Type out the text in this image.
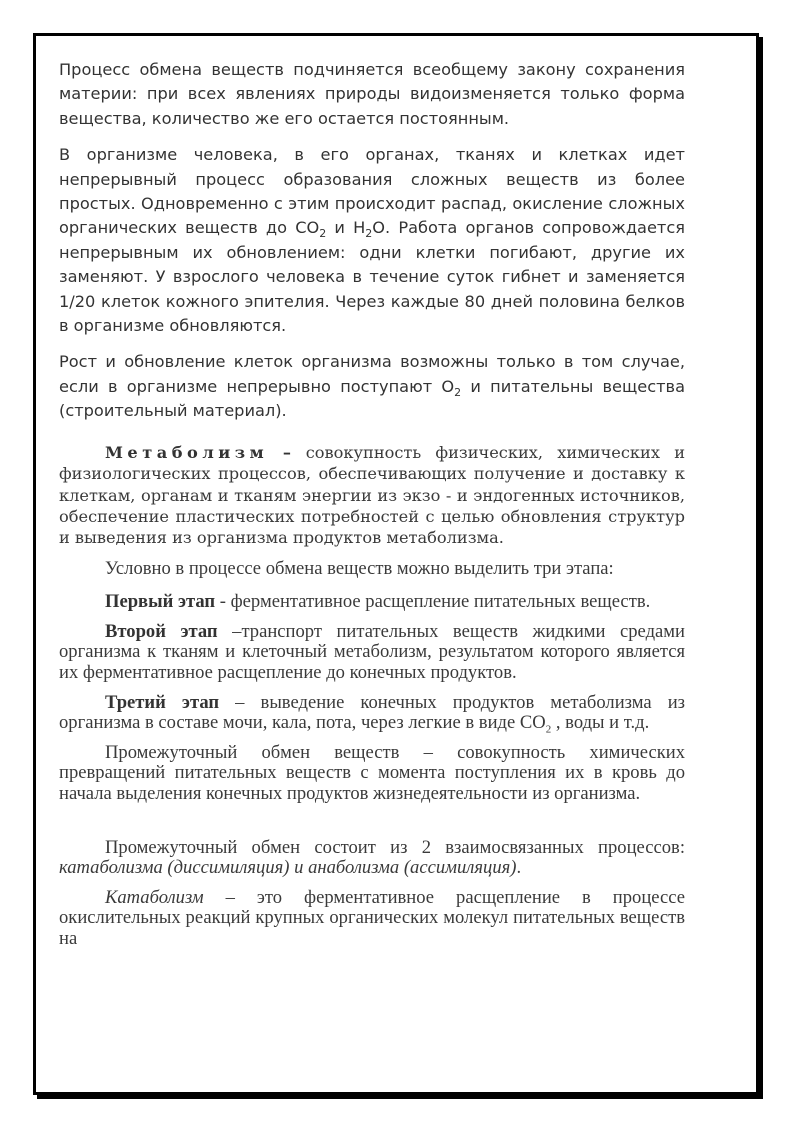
Процесс обмена веществ подчиняется всеобщему закону сохранения материи: при всех явлениях природы видоизменяется только форма вещества, количество же его остается постоянным.

В организме человека, в его органах, тканях и клетках идет непрерывный процесс образования сложных веществ из более простых. Одновременно с этим происходит распад, окисление сложных органических веществ до $СО_2$ и $Н_2О$. Работа органов сопровождается непрерывным их обновлением: одни клетки погибают, другие их заменяют. У взрослого человека в течение суток гибнет и заменяется 1/20 клеток кожного эпителия. Через каждые 80 дней половина белков в организме обновляются.

Рост и обновление клеток организма возможны только в том случае, если в организме непрерывно поступают $О_2$ и питательны вещества (строительный материал).

Метаболизм – совокупность физических, химических и физиологических процессов, обеспечивающих получение и доставку к клеткам, органам и тканям энергии из экзо - и эндогенных источников, обеспечение пластических потребностей с целью обновления структур и выведения из организма продуктов метаболизма.

Условно в процессе обмена веществ можно выделить три этапа:

Первый этап - ферментативное расщепление питательных веществ.

Второй этап –транспорт питательных веществ жидкими средами организма к тканям и клеточный метаболизм, результатом которого является их ферментативное расщепление до конечных продуктов.

Третий этап – выведение конечных продуктов метаболизма из организма в составе мочи, кала, пота, через легкие в виде $СО_2$ , воды и т.д.

Промежуточный обмен веществ – совокупность химических превращений питательных веществ с момента поступления их в кровь до начала выделения конечных продуктов жизнедеятельности из организма.

Промежуточный обмен состоит из 2 взаимосвязанных процессов: катаболизма (диссимиляция) и анаболизма (ассимиляция).

Катаболизм – это ферментативное расщепление в процессе окислительных реакций крупных органических молекул питательных веществ на
